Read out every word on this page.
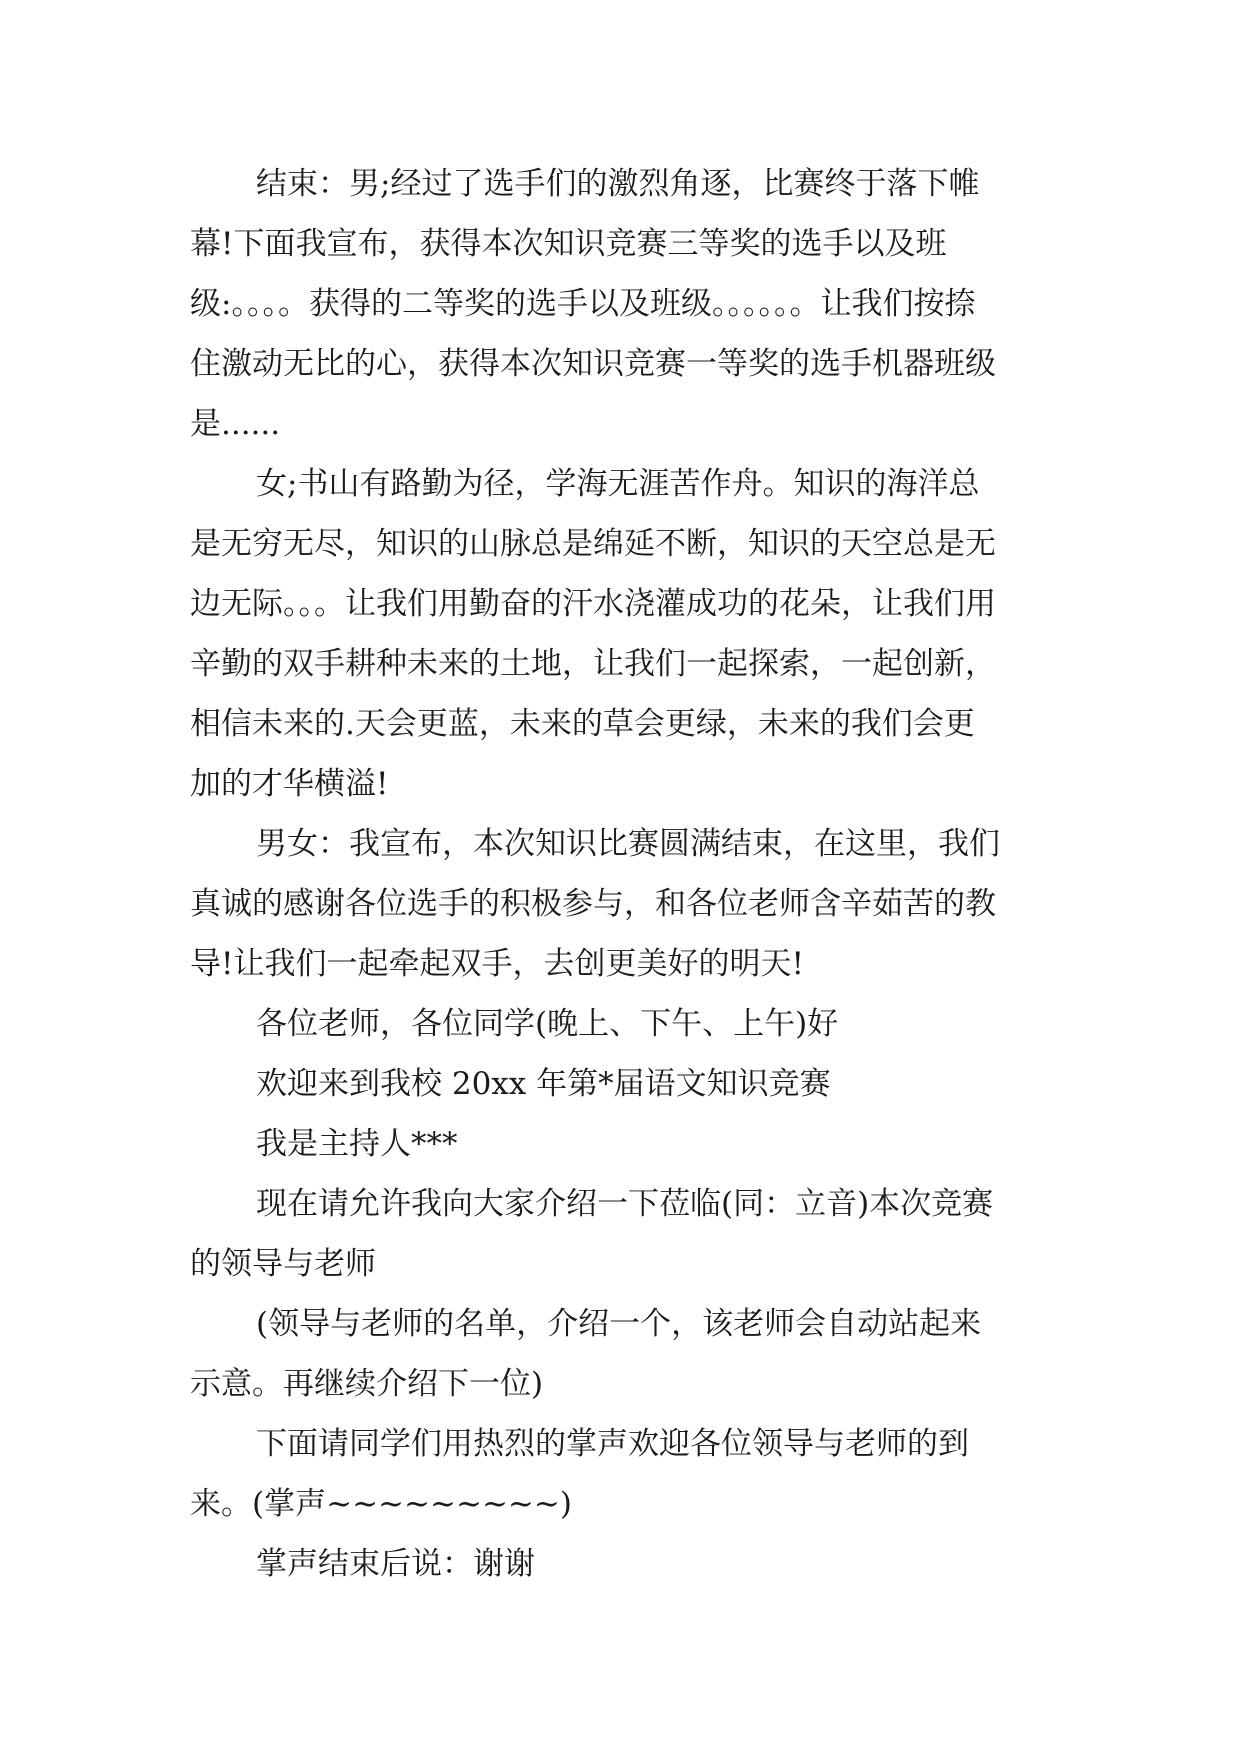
结束：男;经过了选手们的激烈角逐，比赛终于落下帷
幕!下面我宣布，获得本次知识竞赛三等奖的选手以及班
级:。。。。获得的二等奖的选手以及班级。。。。。。让我们按捺
住激动无比的心，获得本次知识竞赛一等奖的选手机器班级
是......

女;书山有路勤为径，学海无涯苦作舟。知识的海洋总
是无穷无尽，知识的山脉总是绵延不断，知识的天空总是无
边无际。。。让我们用勤奋的汗水浇灌成功的花朵，让我们用
辛勤的双手耕种未来的土地，让我们一起探索，一起创新，
相信未来的.天会更蓝，未来的草会更绿，未来的我们会更
加的才华横溢!

男女：我宣布，本次知识比赛圆满结束，在这里，我们
真诚的感谢各位选手的积极参与，和各位老师含辛茹苦的教
导!让我们一起牵起双手，去创更美好的明天!

各位老师，各位同学(晚上、下午、上午)好

欢迎来到我校 20xx 年第*届语文知识竞赛

我是主持人***

现在请允许我向大家介绍一下莅临(同：立音)本次竞赛
的领导与老师

(领导与老师的名单，介绍一个，该老师会自动站起来
示意。再继续介绍下一位)

下面请同学们用热烈的掌声欢迎各位领导与老师的到
来。(掌声~~~~~~~~~)

掌声结束后说：谢谢
